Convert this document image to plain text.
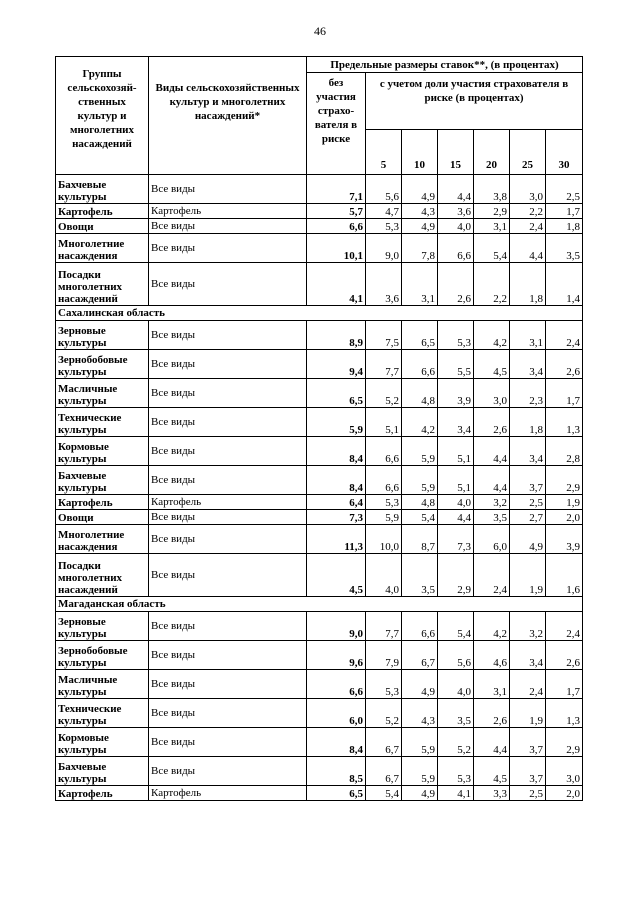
46
Группы сельскохозяй-ственных культур и многолетних насаждений	Виды сельскохозяйственных культур и многолетних насаждений*	Предельные размеры ставок**, (в процентах)						
		без участия страхо-вателя в риске	с учетом доли участия страхователя в риске (в процентах)					
			5	10	15	20	25	30
Бахчевые культуры	Все виды	7,1	5,6	4,9	4,4	3,8	3,0	2,5
Картофель	Картофель	5,7	4,7	4,3	3,6	2,9	2,2	1,7
Овощи	Все виды	6,6	5,3	4,9	4,0	3,1	2,4	1,8
Многолетние насаждения	Все виды	10,1	9,0	7,8	6,6	5,4	4,4	3,5
Посадки многолетних насаждений	Все виды	4,1	3,6	3,1	2,6	2,2	1,8	1,4
Сахалинская область								
Зерновые культуры	Все виды	8,9	7,5	6,5	5,3	4,2	3,1	2,4
Зернобобовые культуры	Все виды	9,4	7,7	6,6	5,5	4,5	3,4	2,6
Масличные культуры	Все виды	6,5	5,2	4,8	3,9	3,0	2,3	1,7
Технические культуры	Все виды	5,9	5,1	4,2	3,4	2,6	1,8	1,3
Кормовые культуры	Все виды	8,4	6,6	5,9	5,1	4,4	3,4	2,8
Бахчевые культуры	Все виды	8,4	6,6	5,9	5,1	4,4	3,7	2,9
Картофель	Картофель	6,4	5,3	4,8	4,0	3,2	2,5	1,9
Овощи	Все виды	7,3	5,9	5,4	4,4	3,5	2,7	2,0
Многолетние насаждения	Все виды	11,3	10,0	8,7	7,3	6,0	4,9	3,9
Посадки многолетних насаждений	Все виды	4,5	4,0	3,5	2,9	2,4	1,9	1,6
Магаданская область								
Зерновые культуры	Все виды	9,0	7,7	6,6	5,4	4,2	3,2	2,4
Зернобобовые культуры	Все виды	9,6	7,9	6,7	5,6	4,6	3,4	2,6
Масличные культуры	Все виды	6,6	5,3	4,9	4,0	3,1	2,4	1,7
Технические культуры	Все виды	6,0	5,2	4,3	3,5	2,6	1,9	1,3
Кормовые культуры	Все виды	8,4	6,7	5,9	5,2	4,4	3,7	2,9
Бахчевые культуры	Все виды	8,5	6,7	5,9	5,3	4,5	3,7	3,0
Картофель	Картофель	6,5	5,4	4,9	4,1	3,3	2,5	2,0
